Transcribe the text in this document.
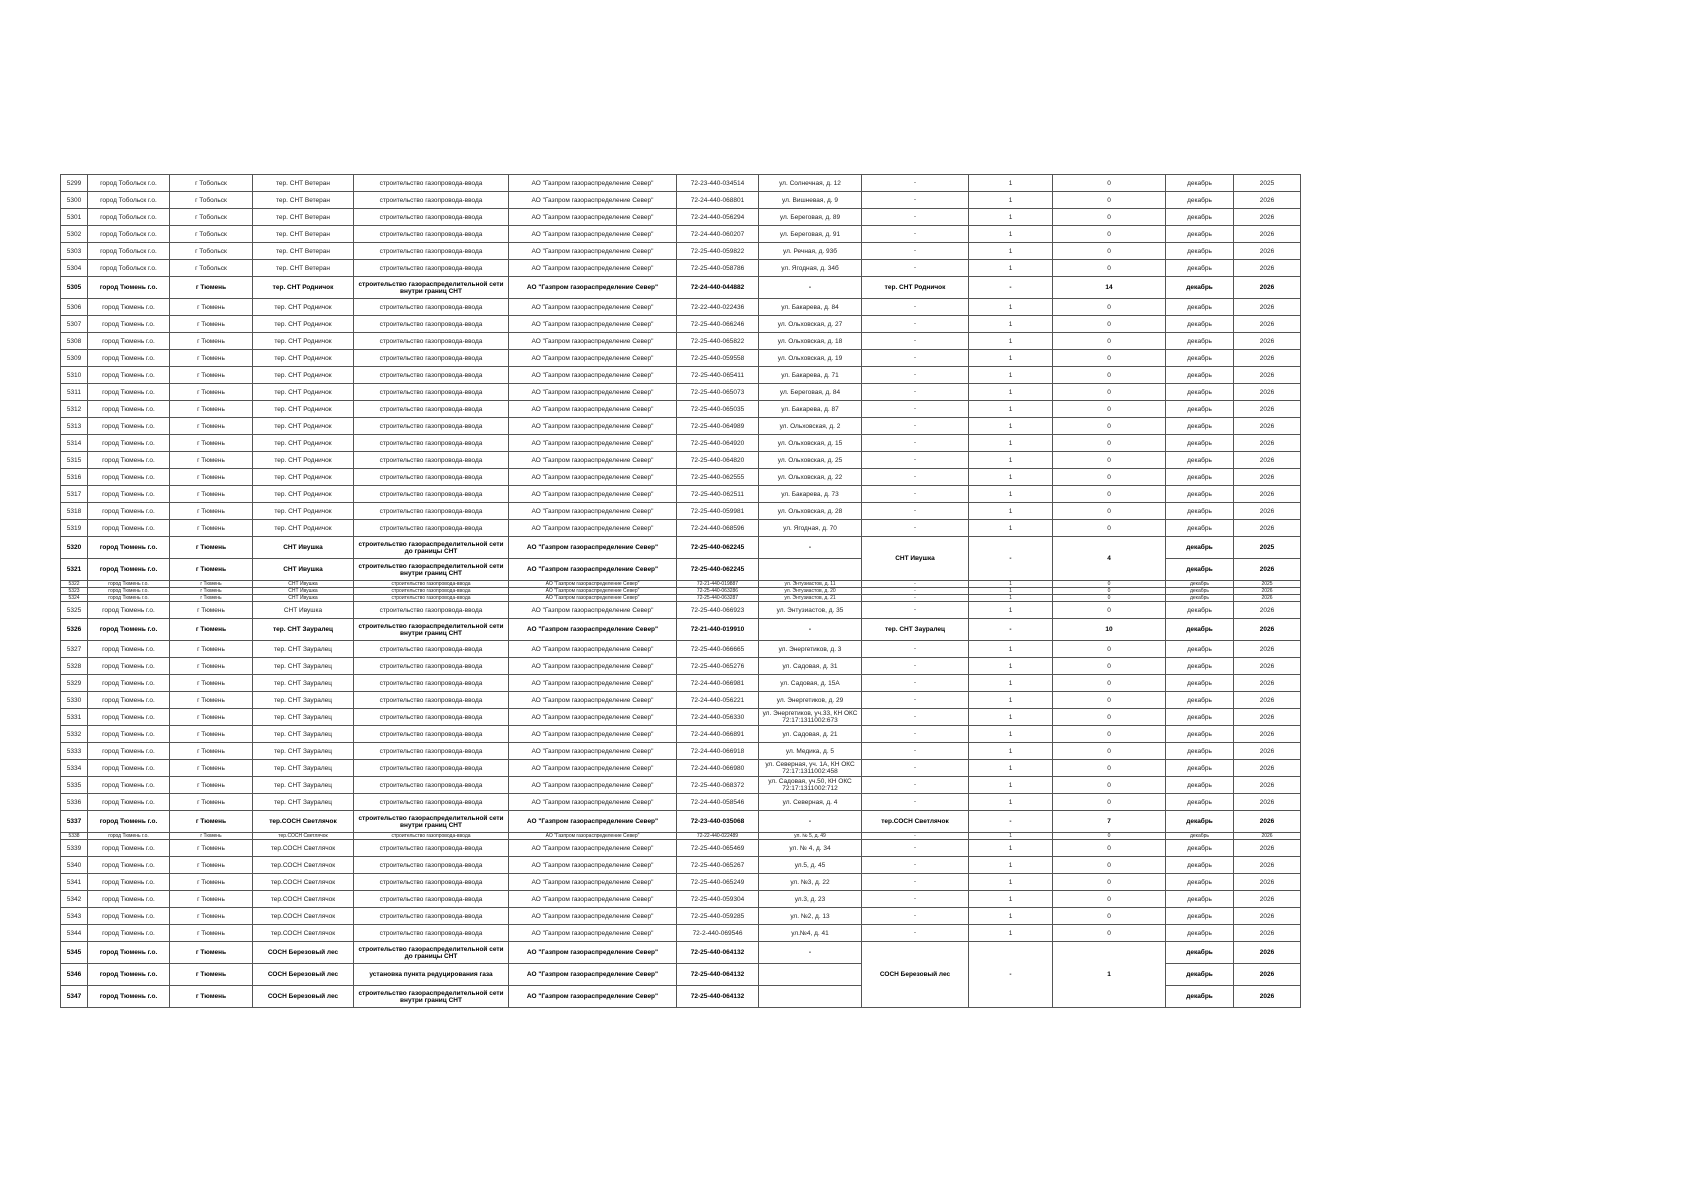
5299	город Тобольск г.о.	г Тобольск	тер. СНТ Ветеран	строительство газопровода-ввода	АО "Газпром газораспределение Север"	72-23-440-034514	ул. Солнечная, д. 12	-	1	0	декабрь	2025
5300	город Тобольск г.о.	г Тобольск	тер. СНТ Ветеран	строительство газопровода-ввода	АО "Газпром газораспределение Север"	72-24-440-068801	ул. Вишневая, д. 9	-	1	0	декабрь	2026
5301	город Тобольск г.о.	г Тобольск	тер. СНТ Ветеран	строительство газопровода-ввода	АО "Газпром газораспределение Север"	72-24-440-056294	ул. Береговая, д. 89	-	1	0	декабрь	2026
5302	город Тобольск г.о.	г Тобольск	тер. СНТ Ветеран	строительство газопровода-ввода	АО "Газпром газораспределение Север"	72-24-440-060207	ул. Береговая, д. 91	-	1	0	декабрь	2026
5303	город Тобольск г.о.	г Тобольск	тер. СНТ Ветеран	строительство газопровода-ввода	АО "Газпром газораспределение Север"	72-25-440-059822	ул. Речная, д. 93б	-	1	0	декабрь	2026
5304	город Тобольск г.о.	г Тобольск	тер. СНТ Ветеран	строительство газопровода-ввода	АО "Газпром газораспределение Север"	72-25-440-058786	ул. Ягодная, д. 34б	-	1	0	декабрь	2026
5305	город Тюмень г.о.	г Тюмень	тер. СНТ Родничок	строительство газораспределительной сети внутри границ СНТ	АО "Газпром газораспределение Север"	72-24-440-044882	-	тер. СНТ Родничок	-	14	декабрь	2026
5306	город Тюмень г.о.	г Тюмень	тер. СНТ Родничок	строительство газопровода-ввода	АО "Газпром газораспределение Север"	72-22-440-022436	ул. Бакарева, д. 84	-	1	0	декабрь	2026
5307	город Тюмень г.о.	г Тюмень	тер. СНТ Родничок	строительство газопровода-ввода	АО "Газпром газораспределение Север"	72-25-440-066246	ул. Ольховская, д. 27	-	1	0	декабрь	2026
5308	город Тюмень г.о.	г Тюмень	тер. СНТ Родничок	строительство газопровода-ввода	АО "Газпром газораспределение Север"	72-25-440-065822	ул. Ольховская, д. 18	-	1	0	декабрь	2026
5309	город Тюмень г.о.	г Тюмень	тер. СНТ Родничок	строительство газопровода-ввода	АО "Газпром газораспределение Север"	72-25-440-059558	ул. Ольховская, д. 19	-	1	0	декабрь	2026
5310	город Тюмень г.о.	г Тюмень	тер. СНТ Родничок	строительство газопровода-ввода	АО "Газпром газораспределение Север"	72-25-440-065411	ул. Бакарева, д. 71	-	1	0	декабрь	2026
5311	город Тюмень г.о.	г Тюмень	тер. СНТ Родничок	строительство газопровода-ввода	АО "Газпром газораспределение Север"	72-25-440-065073	ул. Береговая, д. 84	-	1	0	декабрь	2026
5312	город Тюмень г.о.	г Тюмень	тер. СНТ Родничок	строительство газопровода-ввода	АО "Газпром газораспределение Север"	72-25-440-065035	ул. Бакарева, д. 87	-	1	0	декабрь	2026
5313	город Тюмень г.о.	г Тюмень	тер. СНТ Родничок	строительство газопровода-ввода	АО "Газпром газораспределение Север"	72-25-440-064989	ул. Ольховская, д. 2	-	1	0	декабрь	2026
5314	город Тюмень г.о.	г Тюмень	тер. СНТ Родничок	строительство газопровода-ввода	АО "Газпром газораспределение Север"	72-25-440-064920	ул. Ольховская, д. 15	-	1	0	декабрь	2026
5315	город Тюмень г.о.	г Тюмень	тер. СНТ Родничок	строительство газопровода-ввода	АО "Газпром газораспределение Север"	72-25-440-064820	ул. Ольховская, д. 25	-	1	0	декабрь	2026
5316	город Тюмень г.о.	г Тюмень	тер. СНТ Родничок	строительство газопровода-ввода	АО "Газпром газораспределение Север"	72-25-440-062555	ул. Ольховская, д. 22	-	1	0	декабрь	2026
5317	город Тюмень г.о.	г Тюмень	тер. СНТ Родничок	строительство газопровода-ввода	АО "Газпром газораспределение Север"	72-25-440-062511	ул. Бакарева, д. 73	-	1	0	декабрь	2026
5318	город Тюмень г.о.	г Тюмень	тер. СНТ Родничок	строительство газопровода-ввода	АО "Газпром газораспределение Север"	72-25-440-059981	ул. Ольховская, д. 28	-	1	0	декабрь	2026
5319	город Тюмень г.о.	г Тюмень	тер. СНТ Родничок	строительство газопровода-ввода	АО "Газпром газораспределение Север"	72-24-440-068596	ул. Ягодная, д. 70	-	1	0	декабрь	2026
5320	город Тюмень г.о.	г Тюмень	СНТ Ивушка	строительство газораспределительной сети до границы СНТ	АО "Газпром газораспределение Север"	72-25-440-062245	-	СНТ Ивушка	-	4	декабрь	2025
5321	город Тюмень г.о.	г Тюмень	СНТ Ивушка	строительство газораспределительной сети внутри границ СНТ	АО "Газпром газораспределение Север"	72-25-440-062245					декабрь	2026
5322	город Тюмень г.о.	г Тюмень	СНТ Ивушка	строительство газопровода-ввода	АО "Газпром газораспределение Север"	72-21-440-019887	ул. Энтузиастов, д. 11	-	1	0	декабрь	2025
5323	город Тюмень г.о.	г Тюмень	СНТ Ивушка	строительство газопровода-ввода	АО "Газпром газораспределение Север"	72-25-440-063286	ул. Энтузиастов, д. 20	-	1	0	декабрь	2026
5324	город Тюмень г.о.	г Тюмень	СНТ Ивушка	строительство газопровода-ввода	АО "Газпром газораспределение Север"	72-25-440-063287	ул. Энтузиастов, д. 21	-	1	0	декабрь	2026
5325	город Тюмень г.о.	г Тюмень	СНТ Ивушка	строительство газопровода-ввода	АО "Газпром газораспределение Север"	72-25-440-066923	ул. Энтузиастов, д. 35	-	1	0	декабрь	2026
5326	город Тюмень г.о.	г Тюмень	тер. СНТ Зауралец	строительство газораспределительной сети внутри границ СНТ	АО "Газпром газораспределение Север"	72-21-440-019910	-	тер. СНТ Зауралец	-	10	декабрь	2026
5327	город Тюмень г.о.	г Тюмень	тер. СНТ Зауралец	строительство газопровода-ввода	АО "Газпром газораспределение Север"	72-25-440-066665	ул. Энергетиков, д. 3	-	1	0	декабрь	2026
5328	город Тюмень г.о.	г Тюмень	тер. СНТ Зауралец	строительство газопровода-ввода	АО "Газпром газораспределение Север"	72-25-440-065276	ул. Садовая, д. 31	-	1	0	декабрь	2026
5329	город Тюмень г.о.	г Тюмень	тер. СНТ Зауралец	строительство газопровода-ввода	АО "Газпром газораспределение Север"	72-24-440-066981	ул. Садовая, д. 15А	-	1	0	декабрь	2026
5330	город Тюмень г.о.	г Тюмень	тер. СНТ Зауралец	строительство газопровода-ввода	АО "Газпром газораспределение Север"	72-24-440-056221	ул. Энергетиков, д. 29	-	1	0	декабрь	2026
5331	город Тюмень г.о.	г Тюмень	тер. СНТ Зауралец	строительство газопровода-ввода	АО "Газпром газораспределение Север"	72-24-440-056330	ул. Энергетиков, уч.33, КН ОКС 72:17:1311002:673	-	1	0	декабрь	2026
5332	город Тюмень г.о.	г Тюмень	тер. СНТ Зауралец	строительство газопровода-ввода	АО "Газпром газораспределение Север"	72-24-440-066891	ул. Садовая, д. 21	-	1	0	декабрь	2026
5333	город Тюмень г.о.	г Тюмень	тер. СНТ Зауралец	строительство газопровода-ввода	АО "Газпром газораспределение Север"	72-24-440-066918	ул. Медика, д. 5	-	1	0	декабрь	2026
5334	город Тюмень г.о.	г Тюмень	тер. СНТ Зауралец	строительство газопровода-ввода	АО "Газпром газораспределение Север"	72-24-440-066980	ул. Северная, уч. 1А, КН ОКС 72:17:1311002:458	-	1	0	декабрь	2026
5335	город Тюмень г.о.	г Тюмень	тер. СНТ Зауралец	строительство газопровода-ввода	АО "Газпром газораспределение Север"	72-25-440-068372	ул. Садовая, уч.50, КН ОКС 72:17:1311002:712	-	1	0	декабрь	2026
5336	город Тюмень г.о.	г Тюмень	тер. СНТ Зауралец	строительство газопровода-ввода	АО "Газпром газораспределение Север"	72-24-440-058546	ул. Северная, д. 4	-	1	0	декабрь	2026
5337	город Тюмень г.о.	г Тюмень	тер.СОСН Светлячок	строительство газораспределительной сети внутри границ СНТ	АО "Газпром газораспределение Север"	72-23-440-035068	-	тер.СОСН Светлячок	-	7	декабрь	2026
5338	город Тюмень г.о.	г Тюмень	тер.СОСН Светлячок	строительство газопровода-ввода	АО "Газпром газораспределение Север"	72-22-440-022489	ул. № 5, д. 49	-	1	0	декабрь	2026
5339	город Тюмень г.о.	г Тюмень	тер.СОСН Светлячок	строительство газопровода-ввода	АО "Газпром газораспределение Север"	72-25-440-065469	ул. № 4, д. 34	-	1	0	декабрь	2026
5340	город Тюмень г.о.	г Тюмень	тер.СОСН Светлячок	строительство газопровода-ввода	АО "Газпром газораспределение Север"	72-25-440-065267	ул.5, д. 45	-	1	0	декабрь	2026
5341	город Тюмень г.о.	г Тюмень	тер.СОСН Светлячок	строительство газопровода-ввода	АО "Газпром газораспределение Север"	72-25-440-065249	ул. №3, д. 22	-	1	0	декабрь	2026
5342	город Тюмень г.о.	г Тюмень	тер.СОСН Светлячок	строительство газопровода-ввода	АО "Газпром газораспределение Север"	72-25-440-059304	ул.3, д. 23	-	1	0	декабрь	2026
5343	город Тюмень г.о.	г Тюмень	тер.СОСН Светлячок	строительство газопровода-ввода	АО "Газпром газораспределение Север"	72-25-440-059285	ул. №2, д. 13	-	1	0	декабрь	2026
5344	город Тюмень г.о.	г Тюмень	тер.СОСН Светлячок	строительство газопровода-ввода	АО "Газпром газораспределение Север"	72-2-440-069546	ул.№4, д. 41	-	1	0	декабрь	2026
5345	город Тюмень г.о.	г Тюмень	СОСН Березовый лес	строительство газораспределительной сети до границы СНТ	АО "Газпром газораспределение Север"	72-25-440-064132	-	СОСН Березовый лес	-	1	декабрь	2026
5346	город Тюмень г.о.	г Тюмень	СОСН Березовый лес	установка пункта редуцирования газа	АО "Газпром газораспределение Север"	72-25-440-064132					декабрь	2026
5347	город Тюмень г.о.	г Тюмень	СОСН Березовый лес	строительство газораспределительной сети внутри границ СНТ	АО "Газпром газораспределение Север"	72-25-440-064132					декабрь	2026
